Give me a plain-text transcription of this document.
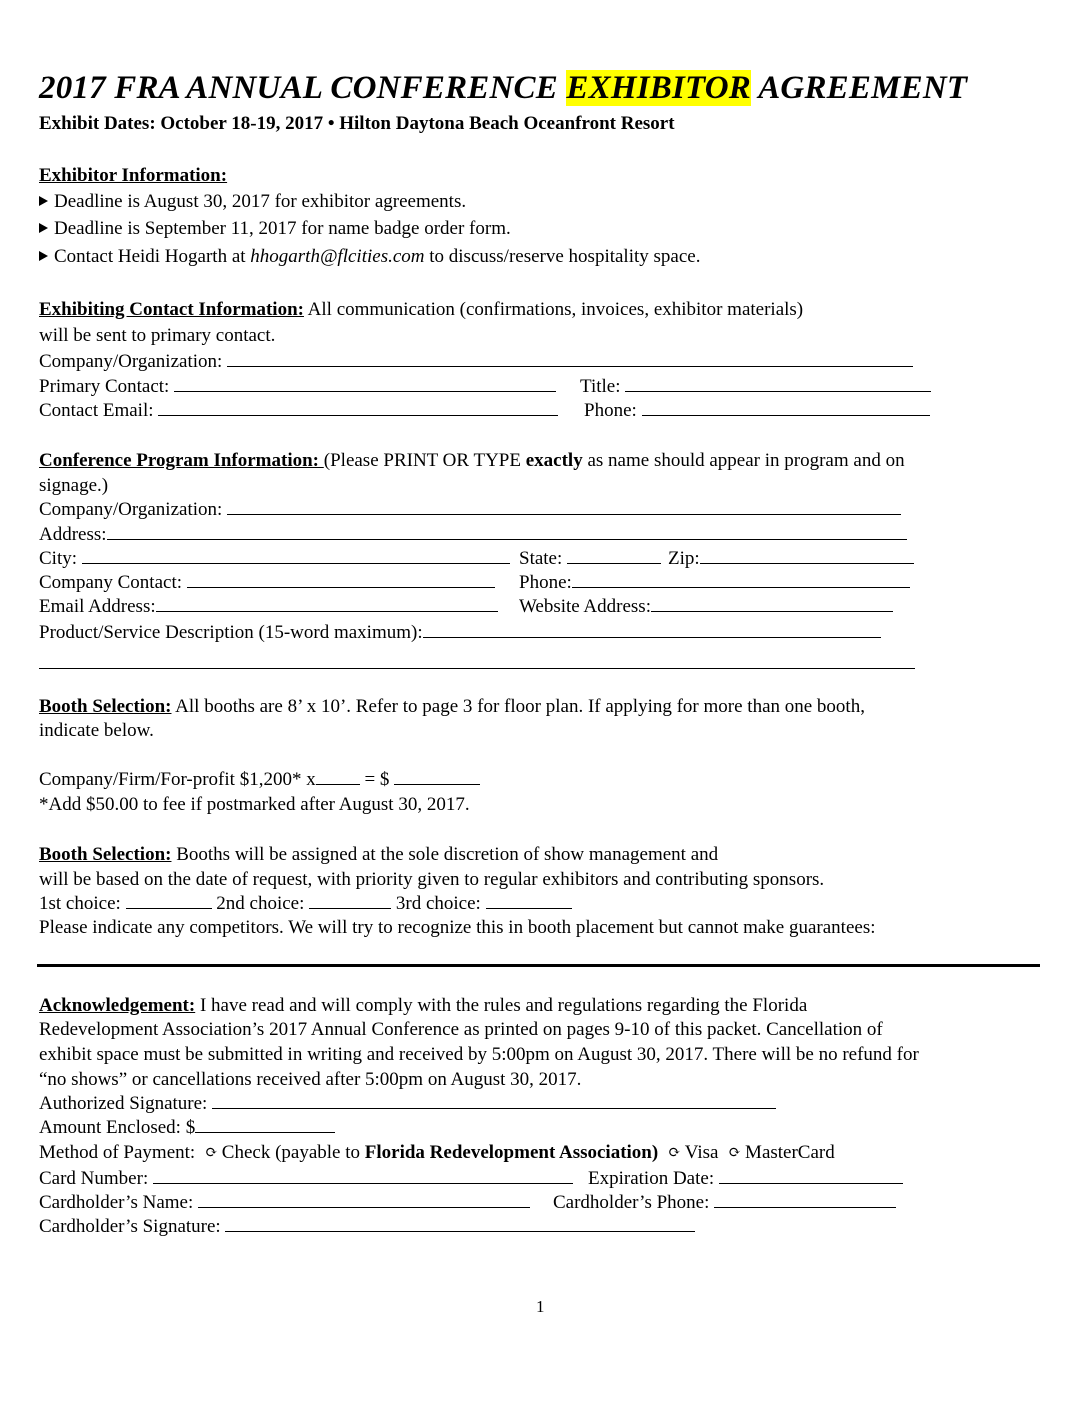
2017 FRA ANNUAL CONFERENCE EXHIBITOR AGREEMENT
Exhibit Dates: October 18-19, 2017 • Hilton Daytona Beach Oceanfront Resort
Exhibitor Information:
Deadline is August 30, 2017 for exhibitor agreements.
Deadline is September 11, 2017 for name badge order form.
Contact Heidi Hogarth at hhogarth@flcities.com to discuss/reserve hospitality space.
Exhibiting Contact Information: All communication (confirmations, invoices, exhibitor materials)
will be sent to primary contact.
Company/Organization:
Primary Contact:	Title:
Contact Email:	Phone:
Conference Program Information: (Please PRINT OR TYPE exactly as name should appear in program and on
signage.)
Company/Organization:
Address:
City:	State:	Zip:
Company Contact:	Phone:
Email Address:	Website Address:
Product/Service Description (15-word maximum):
Booth Selection: All booths are 8’ x 10’. Refer to page 3 for floor plan. If applying for more than one booth,
indicate below.
Company/Firm/For-profit $1,200* x = $
*Add $50.00 to fee if postmarked after August 30, 2017.
Booth Selection: Booths will be assigned at the sole discretion of show management and
will be based on the date of request, with priority given to regular exhibitors and contributing sponsors.
1st choice:	2nd choice:	3rd choice:
Please indicate any competitors. We will try to recognize this in booth placement but cannot make guarantees:
Acknowledgement: I have read and will comply with the rules and regulations regarding the Florida
Redevelopment Association’s 2017 Annual Conference as printed on pages 9-10 of this packet. Cancellation of
exhibit space must be submitted in writing and received by 5:00pm on August 30, 2017. There will be no refund for
“no shows” or cancellations received after 5:00pm on August 30, 2017.
Authorized Signature:
Amount Enclosed: $
Method of Payment: ⟳ Check (payable to Florida Redevelopment Association) ⟳ Visa ⟳ MasterCard
Card Number:	Expiration Date:
Cardholder’s Name:	Cardholder’s Phone:
Cardholder’s Signature:
1
